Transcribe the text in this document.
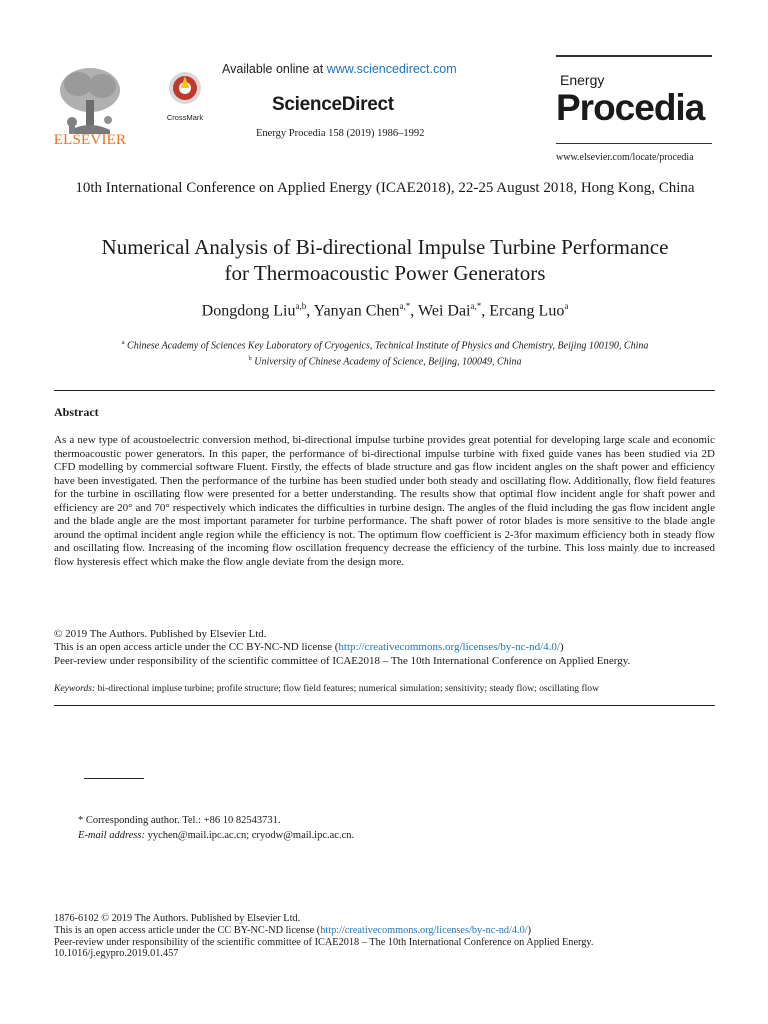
ELSEVIER
CrossMark
Available online at www.sciencedirect.com
ScienceDirect
Energy Procedia 158 (2019) 1986–1992
Energy
Procedia
www.elsevier.com/locate/procedia
10th International Conference on Applied Energy (ICAE2018), 22-25 August 2018, Hong Kong, China
Numerical Analysis of Bi-directional Impulse Turbine Performance
for Thermoacoustic Power Generators
Dongdong Liu$^{a,b}$, Yanyan Chen$^{a,*}$, Wei Dai$^{a,*}$, Ercang Luo$^a$
$^a$ Chinese Academy of Sciences Key Laboratory of Cryogenics, Technical Institute of Physics and Chemistry, Beijing 100190, China
$^b$ University of Chinese Academy of Science, Beijing, 100049, China
Abstract
As a new type of acoustoelectric conversion method, bi-directional impulse turbine provides great potential for developing large scale and economic thermoacoustic power generators. In this paper, the performance of bi-directional impulse turbine with fixed guide vanes has been studied via 2D CFD modelling by commercial software Fluent. Firstly, the effects of blade structure and gas flow incident angles on the shaft power and efficiency have been investigated. Then the performance of the turbine has been studied under both steady and oscillating flow. Additionally, flow field features for the turbine in oscillating flow were presented for a better understanding. The results show that optimal flow incident angle for shaft power and efficiency are 20° and 70° respectively which indicates the difficulties in turbine design. The angles of the fluid including the gas flow incident angle and the blade angle are the most important parameter for turbine performance. The shaft power of rotor blades is more sensitive to the blade angle around the optimal incident angle region while the efficiency is not. The optimum flow coefficient is 2-3for maximum efficiency both in steady flow and oscillating flow. Increasing of the incoming flow oscillation frequency decrease the efficiency of the turbine. This loss mainly due to increased flow hysteresis effect which make the flow angle deviate from the design more.
© 2019 The Authors. Published by Elsevier Ltd.
This is an open access article under the CC BY-NC-ND license (http://creativecommons.org/licenses/by-nc-nd/4.0/)
Peer-review under responsibility of the scientific committee of ICAE2018 – The 10th International Conference on Applied Energy.
Keywords: bi-directional impluse turbine; profile structure; flow field features; numerical simulation; sensitivity; steady flow; oscillating flow
* Corresponding author. Tel.: +86 10 82543731.
E-mail address: yychen@mail.ipc.ac.cn; cryodw@mail.ipc.ac.cn.
1876-6102 © 2019 The Authors. Published by Elsevier Ltd.
This is an open access article under the CC BY-NC-ND license (http://creativecommons.org/licenses/by-nc-nd/4.0/)
Peer-review under responsibility of the scientific committee of ICAE2018 – The 10th International Conference on Applied Energy.
10.1016/j.egypro.2019.01.457
